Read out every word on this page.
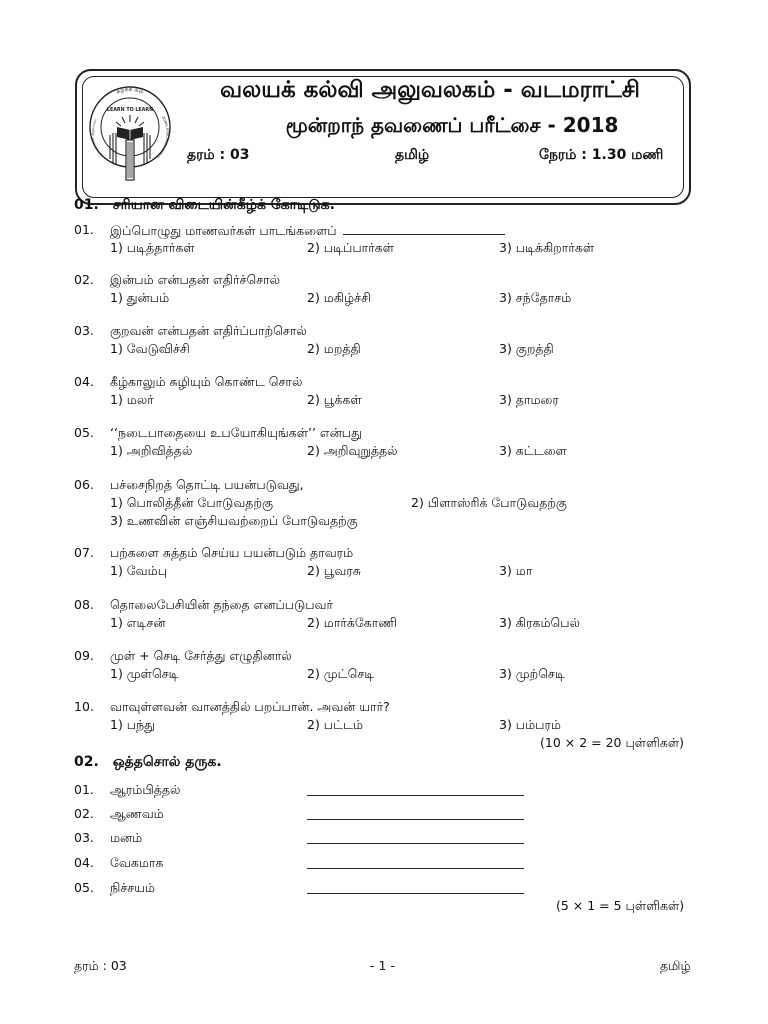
கற்கக் கல்
வலயக் கல்வி அலுவலகம்
ZONAL EDUCATION OFFICE
LEARN TO LEARN
வலயக் கல்வி அலுவலகம் - வடமராட்சி
மூன்றாந் தவணைப் பரீட்சை - 2018
தரம் : 03	தமிழ்	நேரம் : 1.30 மணி
01. சரியான விடையின்கீழ்க் கோடிடுக.
01. இப்பொழுது மாணவர்கள் பாடங்களைப்
1) படித்தார்கள்	2) படிப்பார்கள்	3) படிக்கிறார்கள்
02. இன்பம் என்பதன் எதிர்ச்சொல்
1) துன்பம்	2) மகிழ்ச்சி	3) சந்தோசம்
03. குறவன் என்பதன் எதிர்ப்பாற்சொல்
1) வேடுவிச்சி	2) மறத்தி	3) குறத்தி
04. கீழ்காலும் சுழியும் கொண்ட சொல்
1) மலர்	2) பூக்கள்	3) தாமரை
05. ‘‘நடைபாதையை உபயோகியுங்கள்’’ என்பது
1) அறிவித்தல்	2) அறிவுறுத்தல்	3) கட்டளை
06. பச்சைநிறத் தொட்டி பயன்படுவது,
1) பொலித்தீன் போடுவதற்கு	2) பிளாஸ்ரிக் போடுவதற்கு
3) உணவின் எஞ்சியவற்றைப் போடுவதற்கு
07. பற்களை சுத்தம் செய்ய பயன்படும் தாவரம்
1) வேம்பு	2) பூவரசு	3) மா
08. தொலைபேசியின் தந்தை எனப்படுபவர்
1) எடிசன்	2) மார்க்கோணி	3) கிரகம்பெல்
09. முள் + செடி சேர்த்து எழுதினால்
1) முள்செடி	2) முட்செடி	3) முற்செடி
10. வாவுள்ளவன் வானத்தில் பறப்பான். அவன் யார்?
1) பந்து	2) பட்டம்	3) பம்பரம்
(10 × 2 = 20 புள்ளிகள்)
02. ஒத்தசொல் தருக.
01. ஆரம்பித்தல்
02. ஆணவம்
03. மனம்
04. வேகமாக
05. நிச்சயம்
(5 × 1 = 5 புள்ளிகள்)
தரம் : 03	- 1 -	தமிழ்
